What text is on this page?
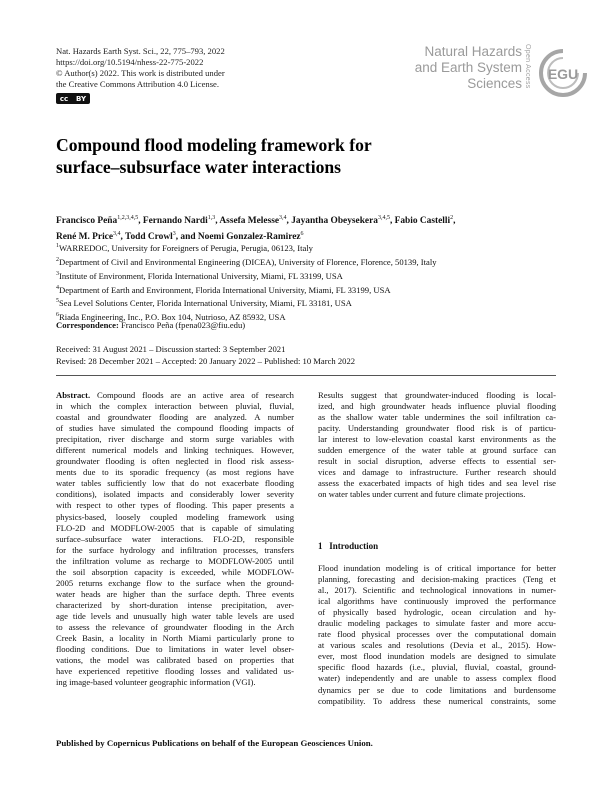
Nat. Hazards Earth Syst. Sci., 22, 775–793, 2022
https://doi.org/10.5194/nhess-22-775-2022
© Author(s) 2022. This work is distributed under
the Creative Commons Attribution 4.0 License.
cc BY
Natural Hazards
and Earth System
Sciences Open Access EGU
Compound flood modeling framework for
surface–subsurface water interactions
Francisco Peña$^{1,2,3,4,5}$, Fernando Nardi$^{1,3}$, Assefa Melesse$^{3,4}$, Jayantha Obeysekera$^{3,4,5}$, Fabio Castelli$^2$,
René M. Price$^{3,4}$, Todd Crowl$^3$, and Noemi Gonzalez-Ramirez$^6$
$^1$WARREDOC, University for Foreigners of Perugia, Perugia, 06123, Italy
$^2$Department of Civil and Environmental Engineering (DICEA), University of Florence, Florence, 50139, Italy
$^3$Institute of Environment, Florida International University, Miami, FL 33199, USA
$^4$Department of Earth and Environment, Florida International University, Miami, FL 33199, USA
$^5$Sea Level Solutions Center, Florida International University, Miami, FL 33181, USA
$^6$Riada Engineering, Inc., P.O. Box 104, Nutrioso, AZ 85932, USA
Correspondence: Francisco Peña (fpena023@fiu.edu)
Received: 31 August 2021 – Discussion started: 3 September 2021
Revised: 28 December 2021 – Accepted: 20 January 2022 – Published: 10 March 2022
Abstract. Compound floods are an active area of research
in which the complex interaction between pluvial, fluvial,
coastal and groundwater flooding are analyzed. A number
of studies have simulated the compound flooding impacts of
precipitation, river discharge and storm surge variables with
different numerical models and linking techniques. However,
groundwater flooding is often neglected in flood risk assess-
ments due to its sporadic frequency (as most regions have
water tables sufficiently low that do not exacerbate flooding
conditions), isolated impacts and considerably lower severity
with respect to other types of flooding. This paper presents a
physics-based, loosely coupled modeling framework using
FLO-2D and MODFLOW-2005 that is capable of simulating
surface–subsurface water interactions. FLO-2D, responsible
for the surface hydrology and infiltration processes, transfers
the infiltration volume as recharge to MODFLOW-2005 until
the soil absorption capacity is exceeded, while MODFLOW-
2005 returns exchange flow to the surface when the ground-
water heads are higher than the surface depth. Three events
characterized by short-duration intense precipitation, aver-
age tide levels and unusually high water table levels are used
to assess the relevance of groundwater flooding in the Arch
Creek Basin, a locality in North Miami particularly prone to
flooding conditions. Due to limitations in water level obser-
vations, the model was calibrated based on properties that
have experienced repetitive flooding losses and validated us-
ing image-based volunteer geographic information (VGI).
Results suggest that groundwater-induced flooding is local-
ized, and high groundwater heads influence pluvial flooding
as the shallow water table undermines the soil infiltration ca-
pacity. Understanding groundwater flood risk is of particu-
lar interest to low-elevation coastal karst environments as the
sudden emergence of the water table at ground surface can
result in social disruption, adverse effects to essential ser-
vices and damage to infrastructure. Further research should
assess the exacerbated impacts of high tides and sea level rise
on water tables under current and future climate projections.
1 Introduction
Flood inundation modeling is of critical importance for better
planning, forecasting and decision-making practices (Teng et
al., 2017). Scientific and technological innovations in numer-
ical algorithms have continuously improved the performance
of physically based hydrologic, ocean circulation and hy-
draulic modeling packages to simulate faster and more accu-
rate flood physical processes over the computational domain
at various scales and resolutions (Devia et al., 2015). How-
ever, most flood inundation models are designed to simulate
specific flood hazards (i.e., pluvial, fluvial, coastal, ground-
water) independently and are unable to assess complex flood
dynamics per se due to code limitations and burdensome
compatibility. To address these numerical constraints, some
Published by Copernicus Publications on behalf of the European Geosciences Union.
